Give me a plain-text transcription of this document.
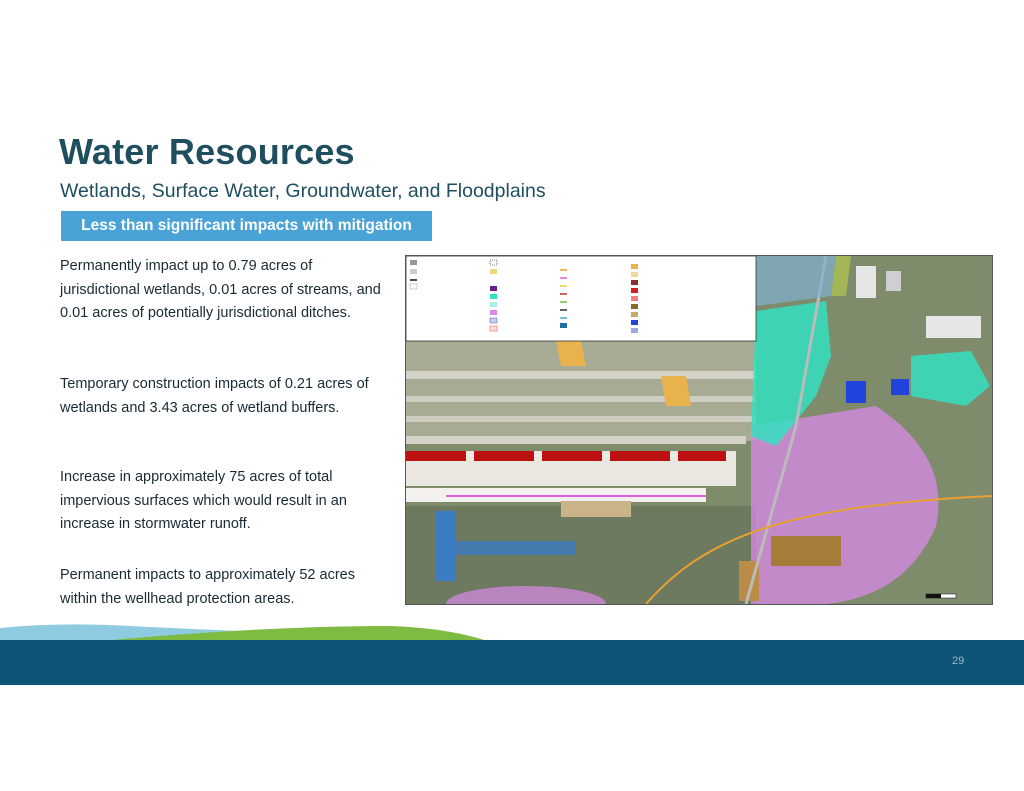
Water Resources
Wetlands, Surface Water, Groundwater, and Floodplains
Less than significant impacts with mitigation
Permanently impact up to 0.79 acres of jurisdictional wetlands, 0.01 acres of streams, and 0.01 acres of potentially jurisdictional ditches.
Temporary construction impacts of 0.21 acres of wetlands and 3.43 acres of wetland buffers.
Increase in approximately 75 acres of total impervious surfaces which would result in an increase in stormwater runoff.
Permanent impacts to approximately 52 acres within the wellhead protection areas.
29
